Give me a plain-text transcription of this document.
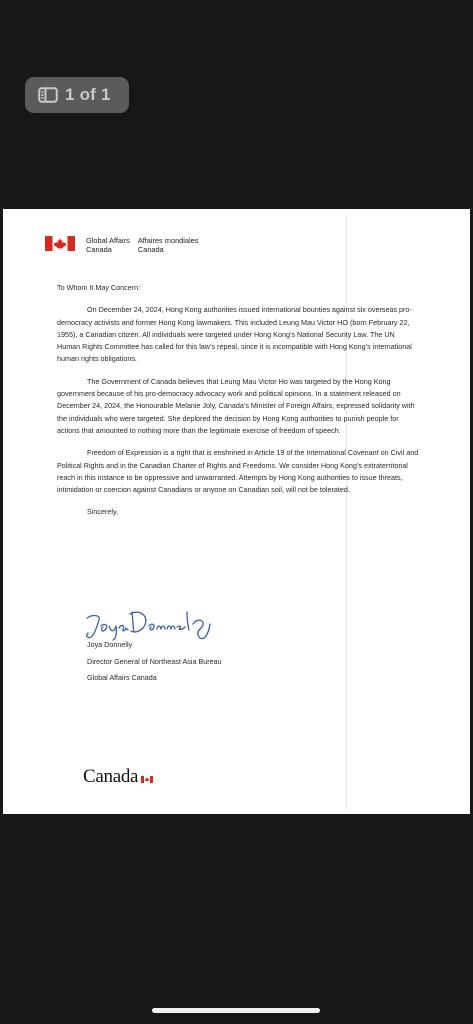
1 of 1
Global Affairs
Canada
Affaires mondiales
Canada

To Whom It May Concern:

On December 24, 2024, Hong Kong authorities issued international bounties against six overseas pro-democracy activists and former Hong Kong lawmakers. This included Leung Mau Victor HO (born February 22, 1955), a Canadian citizen. All individuals were targeted under Hong Kong’s National Security Law. The UN Human Rights Committee has called for this law’s repeal, since it is incompatible with Hong Kong’s international human rights obligations.

The Government of Canada believes that Leung Mau Victor Ho was targeted by the Hong Kong government because of his pro-democracy advocacy work and political opinions. In a statement released on December 24, 2024, the Honourable Melanie Joly, Canada’s Minister of Foreign Affairs, expressed solidarity with the individuals who were targeted. She deplored the decision by Hong Kong authorities to punish people for actions that amounted to nothing more than the legitimate exercise of freedom of speech.

Freedom of Expression is a right that is enshrined in Article 19 of the International Covenant on Civil and Political Rights and in the Canadian Charter of Rights and Freedoms. We consider Hong Kong’s extraterritorial reach in this instance to be oppressive and unwarranted. Attempts by Hong Kong authorities to issue threats, intimidation or coercion against Canadians or anyone on Canadian soil, will not be tolerated.

Sincerely,

Joya Donnelly
Director General of Northeast Asia Bureau
Global Affairs Canada
Canada
